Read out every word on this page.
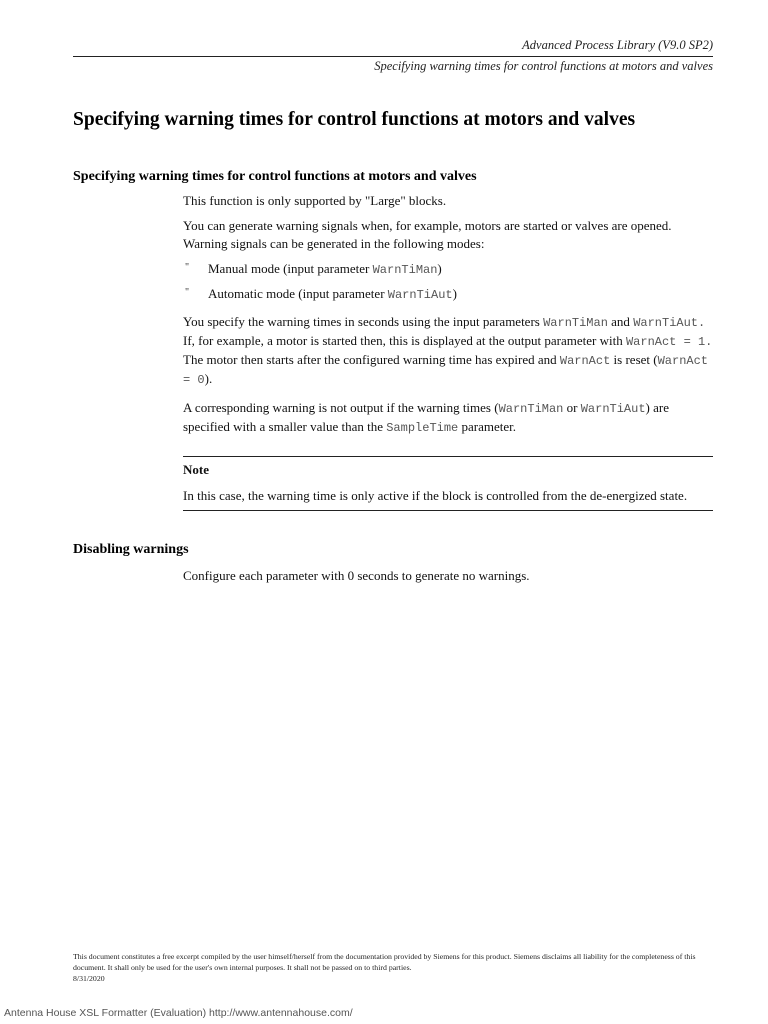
Advanced Process Library (V9.0 SP2)
Specifying warning times for control functions at motors and valves
Specifying warning times for control functions at motors and valves
Specifying warning times for control functions at motors and valves

This function is only supported by "Large" blocks.

You can generate warning signals when, for example, motors are started or valves are opened. Warning signals can be generated in the following modes:

" Manual mode (input parameter WarnTiMan)
" Automatic mode (input parameter WarnTiAut)

You specify the warning times in seconds using the input parameters WarnTiMan and WarnTiAut. If, for example, a motor is started then, this is displayed at the output parameter with WarnAct = 1. The motor then starts after the configured warning time has expired and WarnAct is reset (WarnAct = 0).

A corresponding warning is not output if the warning times (WarnTiMan or WarnTiAut) are specified with a smaller value than the SampleTime parameter.

Note

In this case, the warning time is only active if the block is controlled from the de-energized state.

Disabling warnings

Configure each parameter with 0 seconds to generate no warnings.

This document constitutes a free excerpt compiled by the user himself/herself from the documentation provided by Siemens for this product. Siemens disclaims all liability for the completeness of this document. It shall only be used for the user's own internal purposes. It shall not be passed on to third parties.
8/31/2020
Antenna House XSL Formatter (Evaluation) http://www.antennahouse.com/
